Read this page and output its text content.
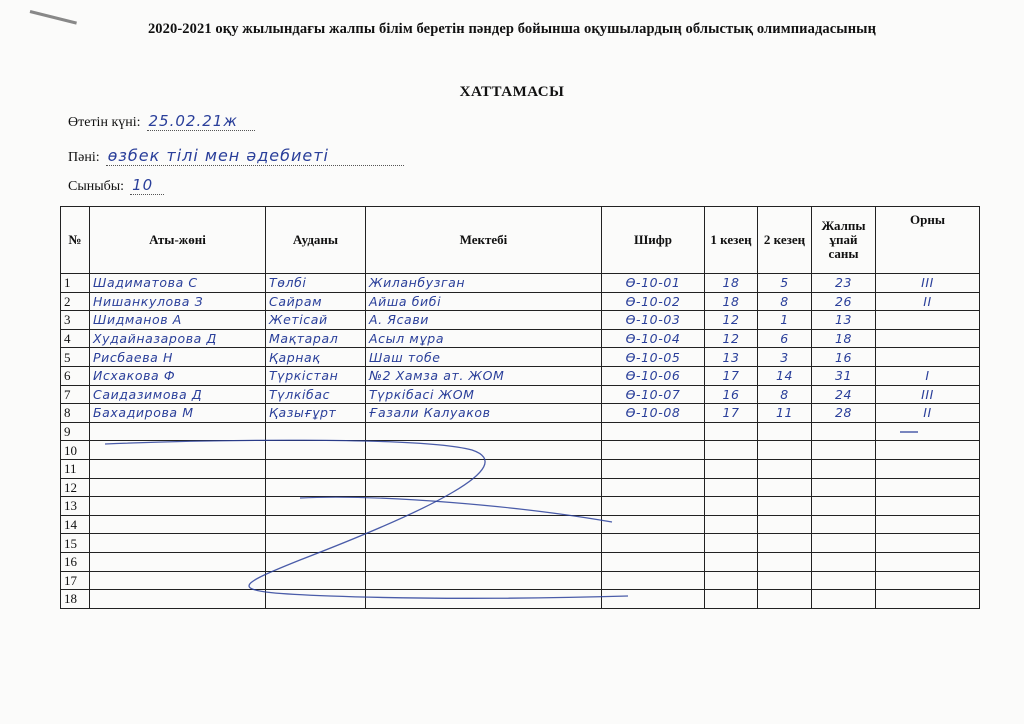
2020-2021 оқу жылындағы жалпы білім беретін пәндер бойынша оқушылардың облыстық олимпиадасының
ХАТТАМАСЫ
Өтетін күні: 25.02.21ж
Пәні: өзбек тілі мен әдебиеті
Сыныбы: 10
№	Аты-жөні	Ауданы	Мектебі	Шифр	1 кезең	2 кезең	Жалпы ұпай саны	Орны
1	Шадиматова С	Төлбі	Жиланбузган	Ө-10-01	18	5	23	III
2	Нишанкулова З	Сайрам	Айша бибі	Ө-10-02	18	8	26	II
3	Шидманов А	Жетісай	А. Ясави	Ө-10-03	12	1	13	
4	Худайназарова Д	Мақтарал	Асыл мұра	Ө-10-04	12	6	18	
5	Рисбаева Н	Қарнақ	Шаш тобе	Ө-10-05	13	3	16	
6	Исхакова Ф	Түркістан	№2 Хамза ат. ЖОМ	Ө-10-06	17	14	31	I
7	Саидазимова Д	Түлкібас	Түркібасі ЖОМ	Ө-10-07	16	8	24	III
8	Бахадирова М	Қазығұрт	Ғазали Калуаков	Ө-10-08	17	11	28	II
9								
10								
11								
12								
13								
14								
15								
16								
17								
18								
